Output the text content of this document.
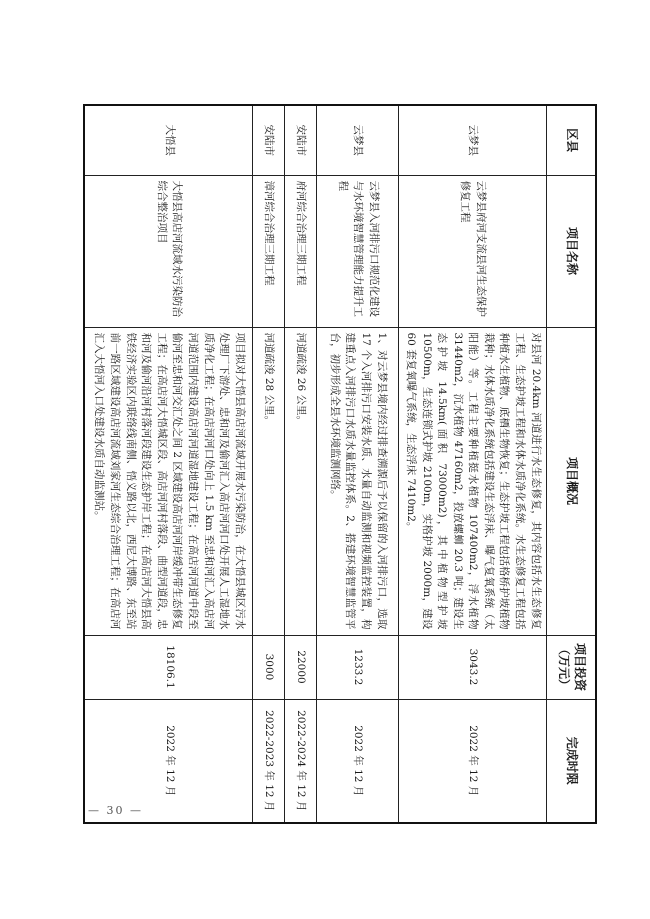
区县	项目名称	项目概况	项目投资（万元）	完成时限
云梦县	云梦县府河支流县河生态保护修复工程	对县河 20.4km 河道进行水生态修复，其内容包括水生态修复工程、生态护坡工程和水体水质净化系统。水生态修复工程包括种植水生植物、底栖生物恢复；生态护坡工程包括格桥护坡植物栽种；水体水质净化系统包括建设生态浮床、曝气复氧系统（太阳能）等。工程主要种植挺水植物 107400m2，浮水植物 31440m2，沉水植物 47160m2，投放螺蛳 20.3 吨；建设生态护坡 14.5km(面积 73000m2)，其中植物型护坡 10500m，生态连锁式护坡 2100m，实格护坡 2000m，建设 60 套复氧曝气系统，生态浮床 7410m2。	3043.2	2022 年 12 月
云梦县	云梦县入河排污口规范化建设与水环境智慧管理能力提升工程	1、对云梦县境内经过排查溯源后予以保留的入河排污口，选取 17 个入河排污口安装水质、水量自动监测和视频监控装置，构建重点入河排污口水质水量监控体系。2、搭建环境智慧监管平台，初步形成全县水环境监测网络。	1233.2	2022 年 12 月
安陆市	府河综合治理三期工程	河道疏浚 26 公里。	22000	2022-2024 年 12 月
安陆市	漳河综合治理三期工程	河道疏浚 28 公里。	3000	2022-2023 年 12 月
大悟县	大悟县高店河流域水污染防治综合整治项目	项目拟对大悟县高店河流域开展水污染防治，在大悟县城区污水处理厂下游处、忠和河及偷河汇入高店河河口处开展人工湿地水质净化工程；在高店河河口处向上 1.5 km 至忠和河汇入高店河河道范围内建设高店河河道湿地建设工程；在高店河河道中段至偷河至忠和河交汇处之间 2 区域建设高店河河岸缓冲带生态修复工程；在高店河大悟城区段、高店河河村落段、曲型河道段，忠和河及偷河沿河村落河段建设生态护岸工程；在高店河大悟县高铁经济实验区内联络线南侧、悟义路以北，西尼大博路、东至站前一路区域建设高店河流域刘家河生态综合治理工程；在高店河汇入大悟河入口处建设水质自动监测站。	18106.1	2022 年 12 月
— 30 —
